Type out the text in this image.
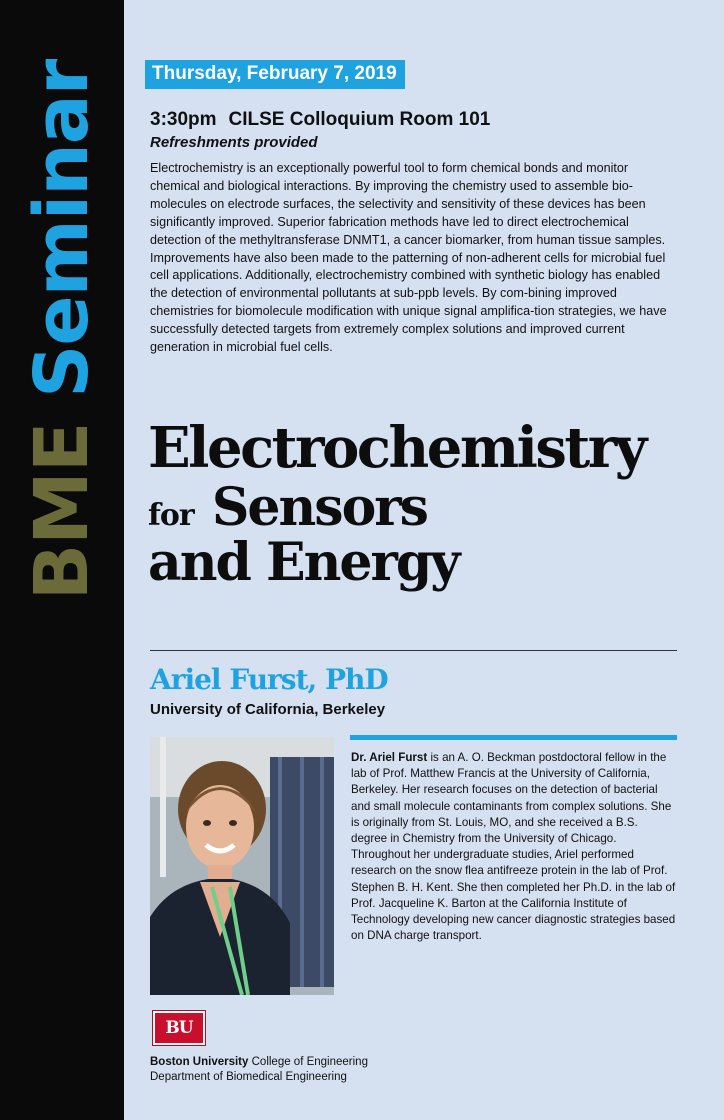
BME Seminar	Thursday, February 7, 2019
3:30pm CILSE Colloquium Room 101
Refreshments provided

Electrochemistry is an exceptionally powerful tool to form chemical bonds and monitor chemical and biological interactions. By improving the chemistry used to assemble bio-molecules on electrode surfaces, the selectivity and sensitivity of these devices has been significantly improved. Superior fabrication methods have led to direct electrochemical detection of the methyltransferase DNMT1, a cancer biomarker, from human tissue samples. Improvements have also been made to the patterning of non-adherent cells for microbial fuel cell applications. Additionally, electrochemistry combined with synthetic biology has enabled the detection of environmental pollutants at sub-ppb levels. By com-bining improved chemistries for biomolecule modification with unique signal amplifica-tion strategies, we have successfully detected targets from extremely complex solutions and improved current generation in microbial fuel cells.

Electrochemistry
for Sensors
and Energy
Ariel Furst, PhD
University of California, Berkeley

Dr. Ariel Furst is an A. O. Beckman postdoctoral fellow in the lab of Prof. Matthew Francis at the University of California, Berkeley. Her research focuses on the detection of bacterial and small molecule contaminants from complex solutions. She is originally from St. Louis, MO, and she received a B.S. degree in Chemistry from the University of Chicago. Throughout her undergraduate studies, Ariel performed research on the snow flea antifreeze protein in the lab of Prof. Stephen B. H. Kent. She then completed her Ph.D. in the lab of Prof. Jacqueline K. Barton at the California Institute of Technology developing new cancer diagnostic strategies based on DNA charge transport.

BU
Boston University College of Engineering
Department of Biomedical Engineering
